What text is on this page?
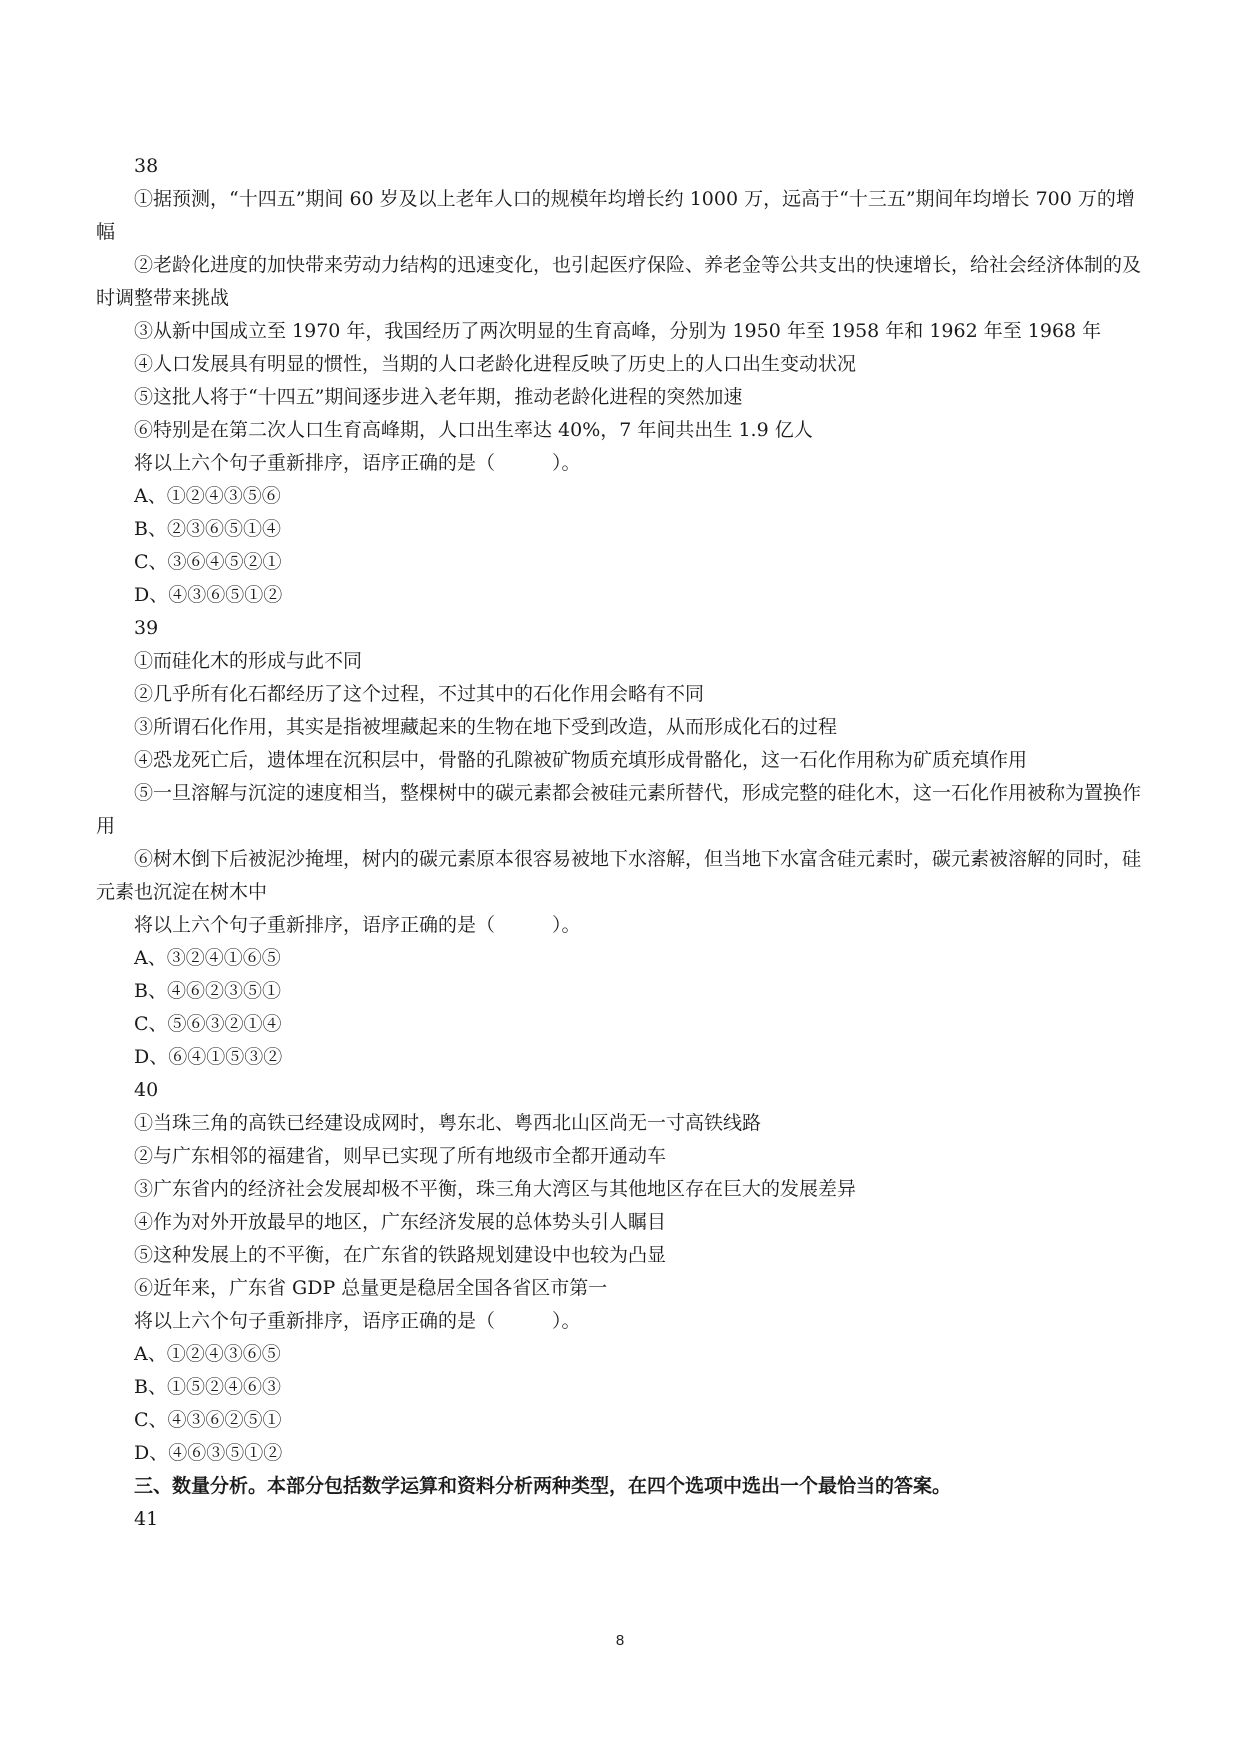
38
①据预测，“十四五”期间 60 岁及以上老年人口的规模年均增长约 1000 万，远高于“十三五”期间年均增长 700 万的增幅
②老龄化进度的加快带来劳动力结构的迅速变化，也引起医疗保险、养老金等公共支出的快速增长，给社会经济体制的及时调整带来挑战
③从新中国成立至 1970 年，我国经历了两次明显的生育高峰，分别为 1950 年至 1958 年和 1962 年至 1968 年
④人口发展具有明显的惯性，当期的人口老龄化进程反映了历史上的人口出生变动状况
⑤这批人将于“十四五”期间逐步进入老年期，推动老龄化进程的突然加速
⑥特别是在第二次人口生育高峰期，人口出生率达 40%，7 年间共出生 1.9 亿人
将以上六个句子重新排序，语序正确的是（　　　）。
A、①②④③⑤⑥
B、②③⑥⑤①④
C、③⑥④⑤②①
D、④③⑥⑤①②
39
①而硅化木的形成与此不同
②几乎所有化石都经历了这个过程，不过其中的石化作用会略有不同
③所谓石化作用，其实是指被埋藏起来的生物在地下受到改造，从而形成化石的过程
④恐龙死亡后，遗体埋在沉积层中，骨骼的孔隙被矿物质充填形成骨骼化，这一石化作用称为矿质充填作用
⑤一旦溶解与沉淀的速度相当，整棵树中的碳元素都会被硅元素所替代，形成完整的硅化木，这一石化作用被称为置换作用
⑥树木倒下后被泥沙掩埋，树内的碳元素原本很容易被地下水溶解，但当地下水富含硅元素时，碳元素被溶解的同时，硅元素也沉淀在树木中
将以上六个句子重新排序，语序正确的是（　　　）。
A、③②④①⑥⑤
B、④⑥②③⑤①
C、⑤⑥③②①④
D、⑥④①⑤③②
40
①当珠三角的高铁已经建设成网时，粤东北、粤西北山区尚无一寸高铁线路
②与广东相邻的福建省，则早已实现了所有地级市全都开通动车
③广东省内的经济社会发展却极不平衡，珠三角大湾区与其他地区存在巨大的发展差异
④作为对外开放最早的地区，广东经济发展的总体势头引人瞩目
⑤这种发展上的不平衡，在广东省的铁路规划建设中也较为凸显
⑥近年来，广东省 GDP 总量更是稳居全国各省区市第一
将以上六个句子重新排序，语序正确的是（　　　）。
A、①②④③⑥⑤
B、①⑤②④⑥③
C、④③⑥②⑤①
D、④⑥③⑤①②
三、数量分析。本部分包括数学运算和资料分析两种类型，在四个选项中选出一个最恰当的答案。
41
8
